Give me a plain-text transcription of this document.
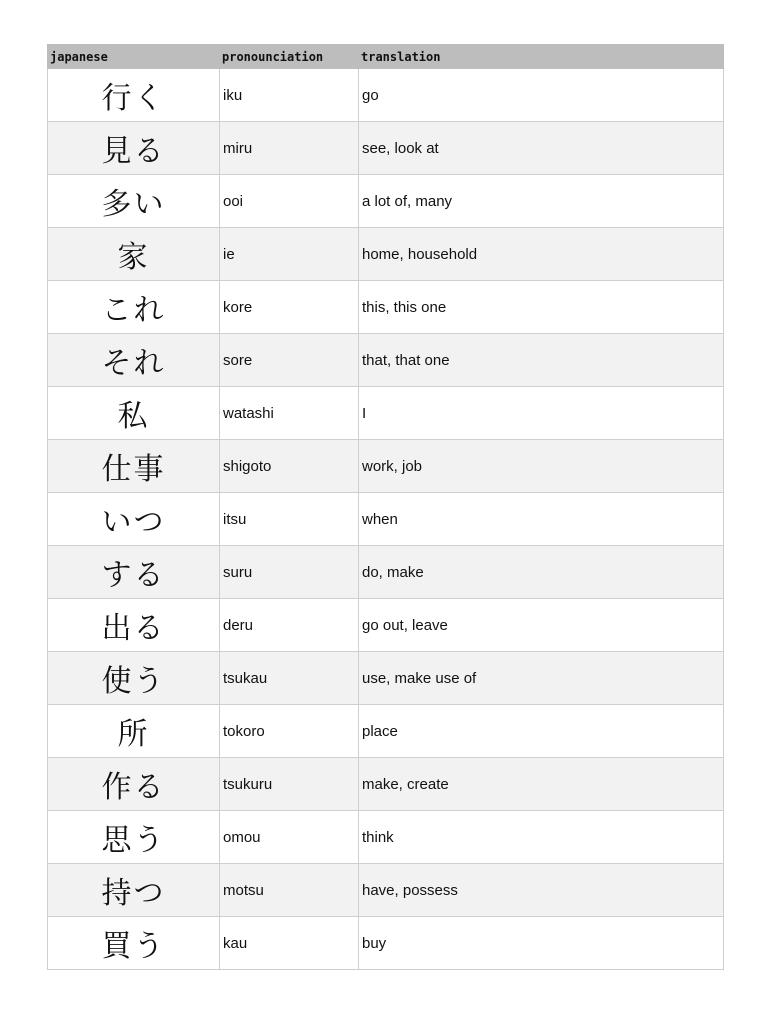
japanese	pronounciation	translation
行く	iku	go
見る	miru	see, look at
多い	ooi	a lot of, many
家	ie	home, household
これ	kore	this, this one
それ	sore	that, that one
私	watashi	I
仕事	shigoto	work, job
いつ	itsu	when
する	suru	do, make
出る	deru	go out, leave
使う	tsukau	use, make use of
所	tokoro	place
作る	tsukuru	make, create
思う	omou	think
持つ	motsu	have, possess
買う	kau	buy
